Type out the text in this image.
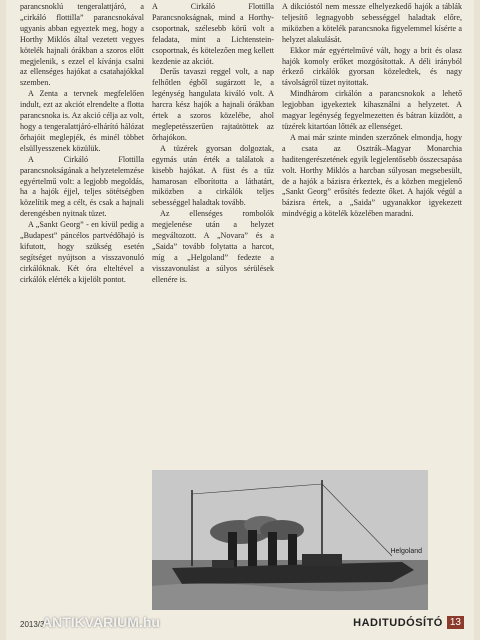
parancsnoklú tengeralattjáró, a „cirkáló flottilla” parancsnokával ugyanis abban egyeztek meg, hogy a Horthy Miklós által vezetett vegyes kötelék hajnali órákban a szoros előtt megjelenik, s ezzel el kívánja csalni az ellenséges hajókat a csatahajókkal szemben.

A Zenta a tervnek megfelelően indult, ezt az akciót elrendelte a flotta parancsnoka is. Az akció célja az volt, hogy a tengeralattjáró-elhárító hálózat őrhajóit meglepjék, és minél többet elsüllyesszenek közülük.

A Cirkáló Flottilla parancsnokságának a helyzetelemzése egyértelmű volt: a legjobb megoldás, ha a hajók éjjel, teljes sötétségben közelítik meg a célt, és csak a hajnali derengésben nyitnak tüzet.

A „Sankt Georg” - en kívül pedig a „Budapest” páncélos partvédőhajó is kifutott, hogy szükség esetén segítséget nyújtson a visszavonuló cirkálóknak. Két óra elteltével a cirkálók elérték a kijelölt pontot.

A Cirkáló Flottilla Parancsnokságnak, mind a Horthy-csoportnak, szélesebb körű volt a feladata, mint a Lichtenstein-csoportnak, és kötelezően meg kellett kezdenie az akciót.

Derűs tavaszi reggel volt, a nap felhőtlen égből sugárzott le, a legénység hangulata kiváló volt. A harcra kész hajók a hajnali órákban értek a szoros közelébe, ahol meglepetésszerűen rajtaütöttek az őrhajókon.

A tüzérek gyorsan dolgoztak, egymás után érték a találatok a kisebb hajókat. A füst és a tűz hamarosan elborította a láthatárt, miközben a cirkálók teljes sebességgel haladtak tovább.

Az ellenséges rombolók megjelenése után a helyzet megváltozott. A „Novara” és a „Saida” tovább folytatta a harcot, míg a „Helgoland” fedezte a visszavonulást a súlyos sérülések ellenére is.

A dikcióstól nem messze elhelyezkedő hajók a táblák teljesítő legnagyobb sebességgel haladtak előre, miközben a kötelék parancsnoka figyelemmel kísérte a helyzet alakulását.

Ekkor már egyértelművé vált, hogy a brit és olasz hajók komoly erőket mozgósítottak. A déli irányból érkező cirkálók gyorsan közeledtek, és nagy távolságról tüzet nyitottak.

Mindhárom cirkálón a parancsnokok a lehető legjobban igyekeztek kihasználni a helyzetet. A magyar legénység fegyelmezetten és bátran küzdött, a tüzérek kitartóan lőtték az ellenséget.

A mai már szinte minden szerzőnek elmondja, hogy a csata az Osztrák–Magyar Monarchia haditengerészetének egyik legjelentősebb összecsapása volt. Horthy Miklós a harcban súlyosan megsebesült, de a hajók a bázisra érkeztek, és a közben megjelenő „Sankt Georg” erősítés fedezte őket. A hajók végül a bázisra értek, a „Saida” ugyanakkor igyekezett mindvégig a kötelék közelében maradni.

Helgoland
2013/3
ANTIKVARIUM.hu	HADITUDÓSÍTÓ 13
